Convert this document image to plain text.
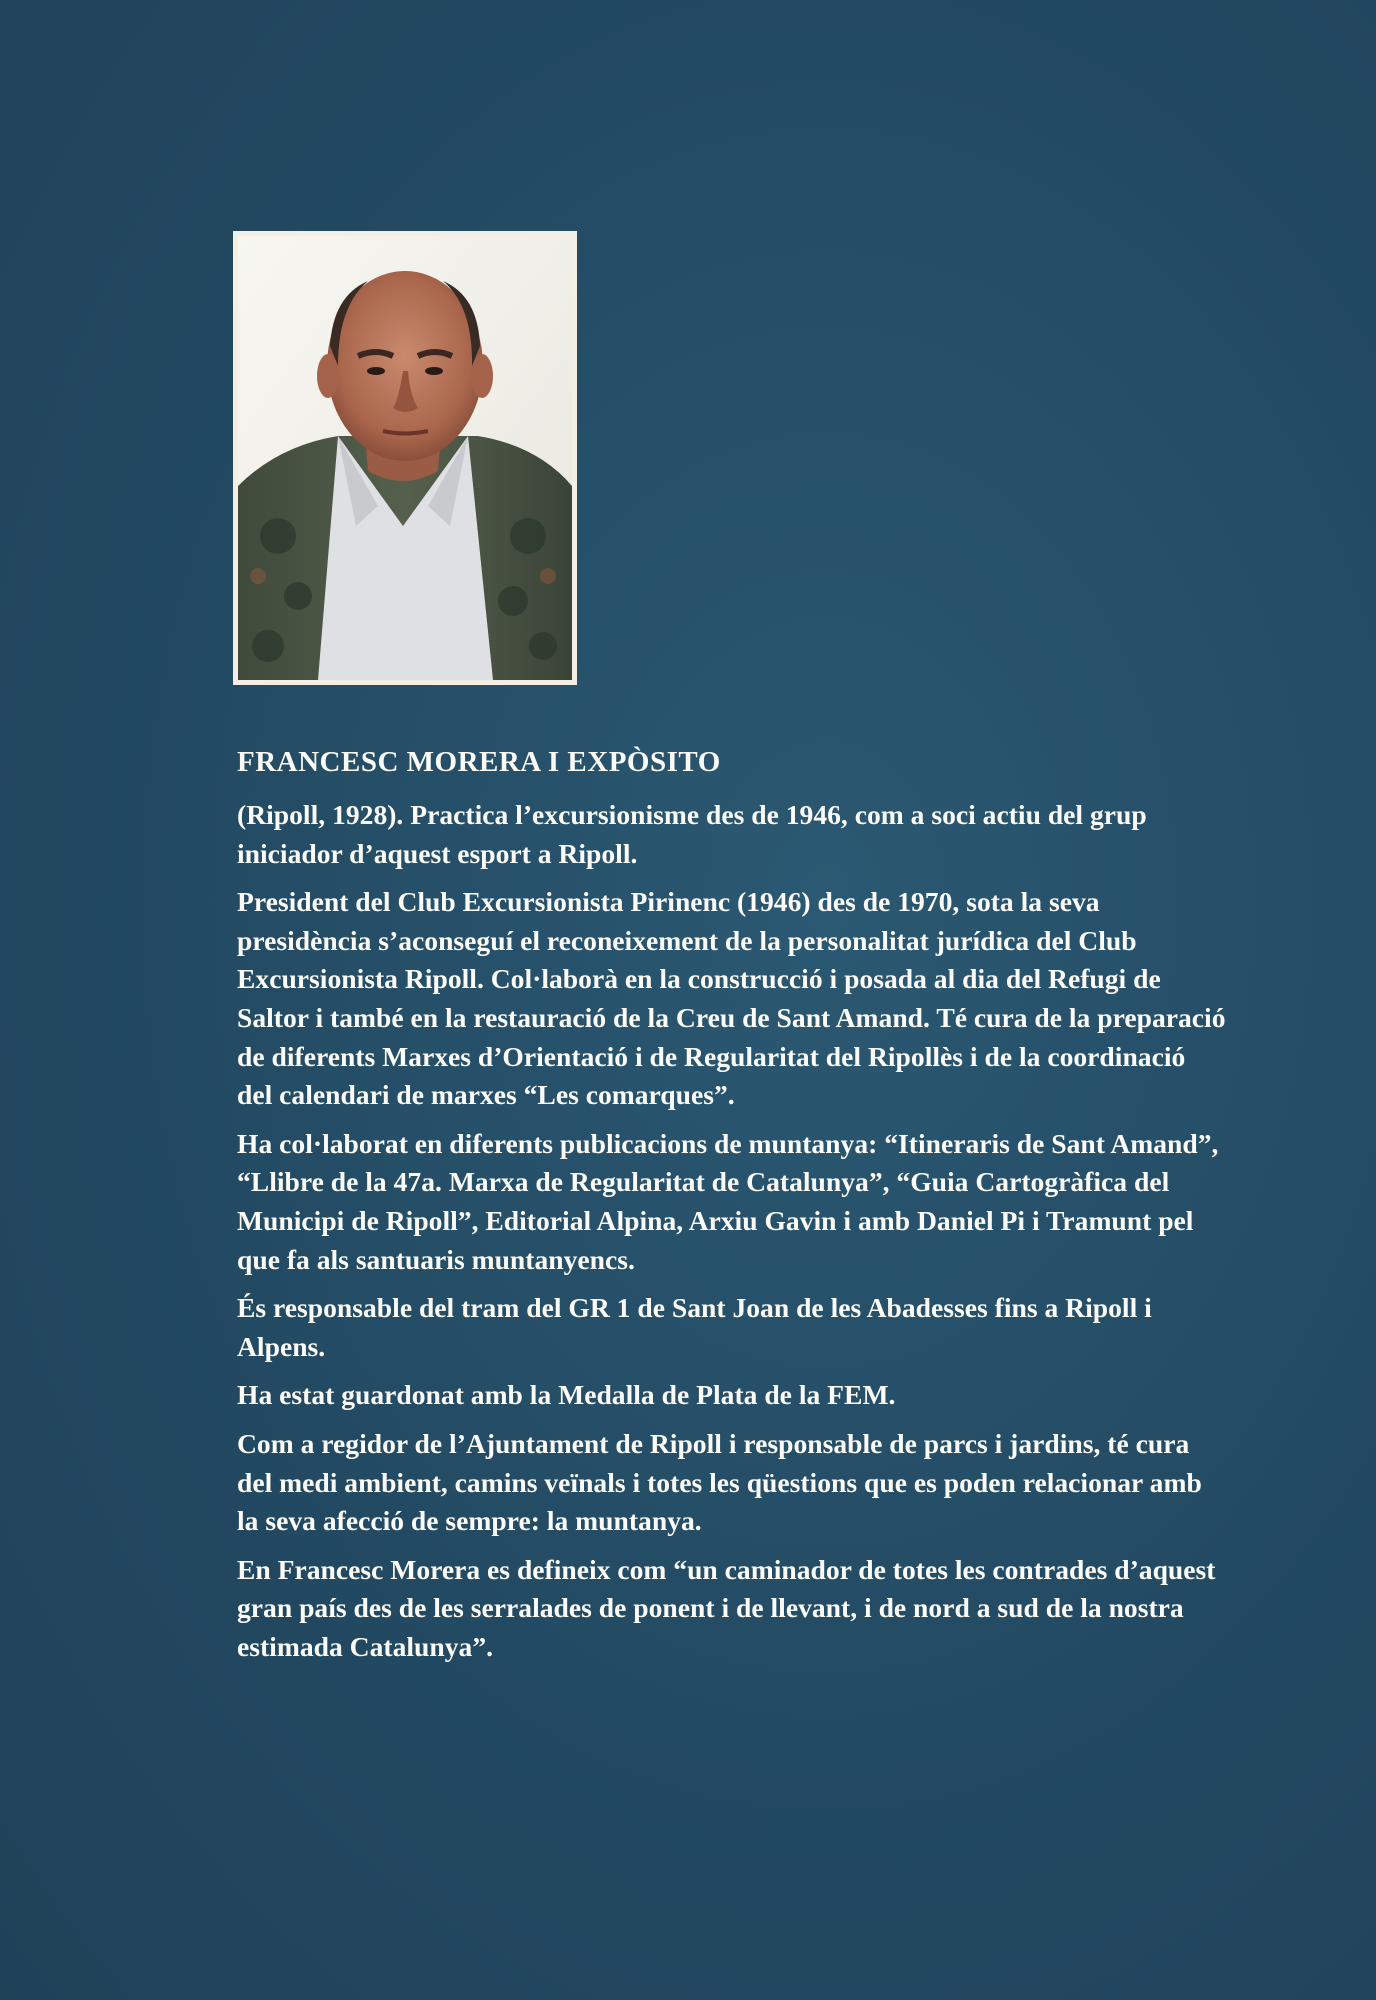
FRANCESC MORERA I EXPÒSITO

(Ripoll, 1928). Practica l’excursionisme des de 1946, com a soci actiu del grup iniciador d’aquest esport a Ripoll.

President del Club Excursionista Pirinenc (1946) des de 1970, sota la seva presidència s’aconseguí el reconeixement de la personalitat jurídica del Club Excursionista Ripoll. Col·laborà en la construcció i posada al dia del Refugi de Saltor i també en la restauració de la Creu de Sant Amand. Té cura de la preparació de diferents Marxes d’Orientació i de Regularitat del Ripollès i de la coordinació del calendari de marxes “Les comarques”.

Ha col·laborat en diferents publicacions de muntanya: “Itineraris de Sant Amand”, “Llibre de la 47a. Marxa de Regularitat de Catalunya”, “Guia Cartogràfica del Municipi de Ripoll”, Editorial Alpina, Arxiu Gavin i amb Daniel Pi i Tramunt pel que fa als santuaris muntanyencs.

És responsable del tram del GR 1 de Sant Joan de les Abadesses fins a Ripoll i Alpens.

Ha estat guardonat amb la Medalla de Plata de la FEM.

Com a regidor de l’Ajuntament de Ripoll i responsable de parcs i jardins, té cura del medi ambient, camins veïnals i totes les qüestions que es poden relacionar amb la seva afecció de sempre: la muntanya.

En Francesc Morera es defineix com “un caminador de totes les contrades d’aquest gran país des de les serralades de ponent i de llevant, i de nord a sud de la nostra estimada Catalunya”.
